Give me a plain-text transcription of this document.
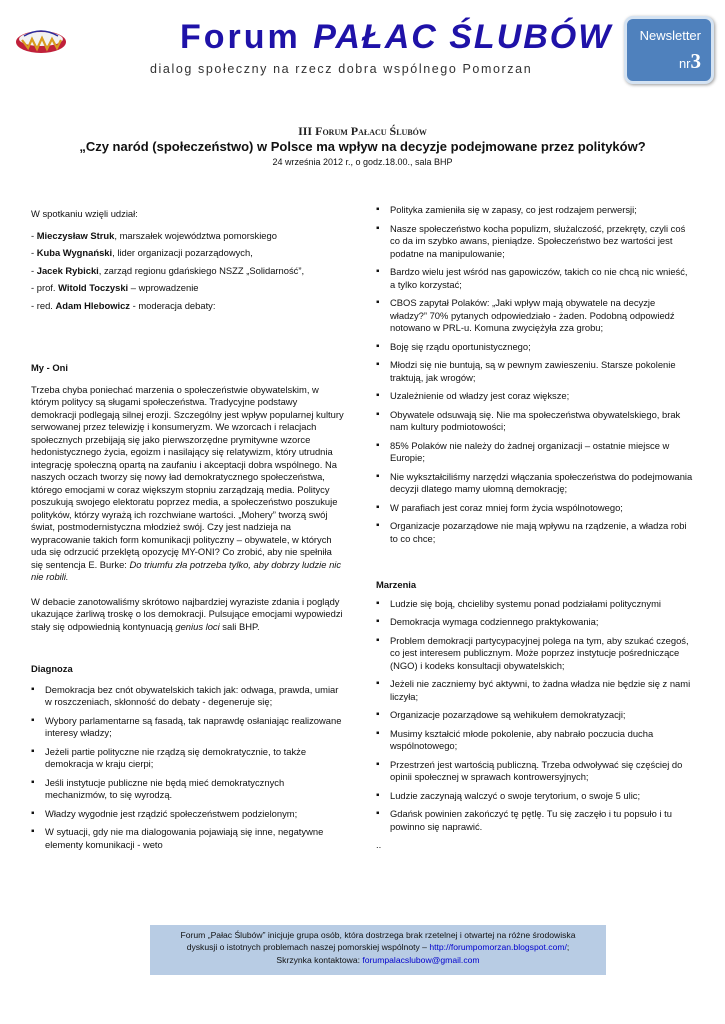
Forum PAŁAC ŚLUBÓW
dialog społeczny na rzecz dobra wspólnego Pomorzan
Newsletter
nr3
III Forum Pałacu Ślubów
„Czy naród (społeczeństwo) w Polsce ma wpływ na decyzje podejmowane przez polityków?
24 września 2012 r., o godz.18.00., sala BHP

W spotkaniu wzięli udział:

- Mieczysław Struk, marszałek województwa pomorskiego

- Kuba Wygnański, lider organizacji pozarządowych,

- Jacek Rybicki, zarząd regionu gdańskiego NSZZ „Solidarność”,

- prof. Witold Toczyski – wprowadzenie

- red. Adam Hlebowicz - moderacja debaty:

My - Oni

Trzeba chyba poniechać marzenia o społeczeństwie obywatelskim, w którym politycy są sługami społeczeństwa. Tradycyjne podstawy demokracji podlegają silnej erozji. Szczególny jest wpływ popularnej kultury serwowanej przez telewizję i konsumeryzm. We wzorcach i relacjach społecznych przebijają się jako pierwszorzędne prymitywne wzorce hedonistycznego życia, egoizm i nasilający się relatywizm, który utrudnia integrację społeczną opartą na zaufaniu i akceptacji dobra wspólnego. Na naszych oczach tworzy się nowy ład demokratycznego społeczeństwa, którego emocjami w coraz większym stopniu zarządzają media. Politycy poszukują swojego elektoratu poprzez media, a społeczeństwo poszukuje polityków, którzy wyrażą ich rozchwiane wartości. „Mohery” tworzą swój świat, postmodernistyczna młodzież swój. Czy jest nadzieja na wypracowanie takich form komunikacji polityczny – obywatele, w których uda się odrzucić przeklętą opozycję MY-ONI? Co zrobić, aby nie spełniła się sentencja E. Burke: Do triumfu zła potrzeba tylko, aby dobrzy ludzie nic nie robili.

W debacie zanotowaliśmy skrótowo najbardziej wyraziste zdania i poglądy ukazujące żarliwą troskę o los demokracji. Pulsujące emocjami wypowiedzi stały się odpowiednią kontynuacją genius loci sali BHP.

Diagnoza

▪ Demokracja bez cnót obywatelskich takich jak: odwaga, prawda, umiar w roszczeniach, skłonność do debaty - degeneruje się;
▪ Wybory parlamentarne są fasadą, tak naprawdę osłaniając realizowane interesy władzy;
▪ Jeżeli partie polityczne nie rządzą się demokratycznie, to także demokracja w kraju cierpi;
▪ Jeśli instytucje publiczne nie będą mieć demokratycznych mechanizmów, to się wyrodzą.
▪ Władzy wygodnie jest rządzić społeczeństwem podzielonym;
▪ W sytuacji, gdy nie ma dialogowania pojawiają się inne, negatywne elementy komunikacji - weto
▪ Polityka zamieniła się w zapasy, co jest rodzajem perwersji;
▪ Nasze społeczeństwo kocha populizm, służalczość, przekręty, czyli coś co da im szybko awans, pieniądze. Społeczeństwo bez wartości jest podatne na manipulowanie;
▪ Bardzo wielu jest wśród nas gapowiczów, takich co nie chcą nic wnieść, a tylko korzystać;
▪ CBOS zapytał Polaków: „Jaki wpływ mają obywatele na decyzje władzy?” 70% pytanych odpowiedziało - żaden. Podobną odpowiedź notowano w PRL-u. Komuna zwyciężyła zza grobu;
▪ Boję się rządu oportunistycznego;
▪ Młodzi się nie buntują, są w pewnym zawieszeniu. Starsze pokolenie traktują, jak wrogów;
▪ Uzależnienie od władzy jest coraz większe;
▪ Obywatele odsuwają się. Nie ma społeczeństwa obywatelskiego, brak nam kultury podmiotowości;
▪ 85% Polaków nie należy do żadnej organizacji – ostatnie miejsce w Europie;
▪ Nie wykształciliśmy narzędzi włączania społeczeństwa do podejmowania decyzji dlatego mamy ułomną demokrację;
▪ W parafiach jest coraz mniej form życia wspólnotowego;
▪ Organizacje pozarządowe nie mają wpływu na rządzenie, a władza robi to co chce;

Marzenia

▪ Ludzie się boją, chcieliby systemu ponad podziałami politycznymi
▪ Demokracja wymaga codziennego praktykowania;
▪ Problem demokracji partycypacyjnej polega na tym, aby szukać czegoś, co jest interesem publicznym. Może poprzez instytucje pośredniczące (NGO) i kodeks konsultacji obywatelskich;
▪ Jeżeli nie zaczniemy być aktywni, to żadna władza nie będzie się z nami liczyła;
▪ Organizacje pozarządowe są wehikułem demokratyzacji;
▪ Musimy kształcić młode pokolenie, aby nabrało poczucia ducha wspólnotowego;
▪ Przestrzeń jest wartością publiczną. Trzeba odwoływać się częściej do opinii społecznej w sprawach kontrowersyjnych;
▪ Ludzie zaczynają walczyć o swoje terytorium, o swoje 5 ulic;
▪ Gdańsk powinien zakończyć tę pętlę. Tu się zaczęło i tu popsuło i tu powinno się naprawić.

..

Forum „Pałac Ślubów” inicjuje grupa osób, która dostrzega brak rzetelnej i otwartej na różne środowiska
dyskusji o istotnych problemach naszej pomorskiej wspólnoty – http://forumpomorzan.blogspot.com/;
Skrzynka kontaktowa: forumpalacslubow@gmail.com
